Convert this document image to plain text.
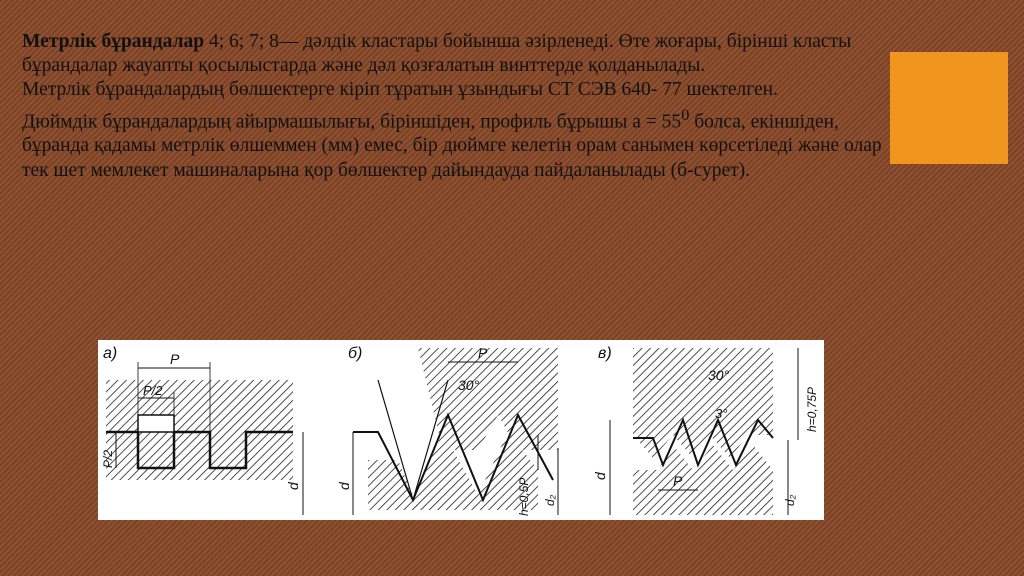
Метрлік бұрандалар 4; 6; 7; 8— дәлдік кластары бойынша әзірленеді. Өте жоғары, бірінші класты бұрандалар жауапты қосылыстарда және дәл қозғалатын винттерде қолданылады.

Метрлік бұрандалардың бөлшектерге кіріп тұратын ұзындығы СТ СЭВ 640- 77 шектелген.

Дюймдік бұрандалардың айырмашылығы, біріншіден, профиль бұрышы $а = 55^0$ болса, екіншіден, бұранда қадамы метрлік өлшеммен (мм) емес, бір дюймге келетін орам санымен көрсетіледі және олар тек шет мемлекет машиналарына қор бөлшектер дайындауда пайдаланылады (б-сурет).

а)	P
P/2
P/2
d
б)	P
30°
d	h=0,5P d₂
в)
30°
3°	h=0,75P
P
d
d₂
